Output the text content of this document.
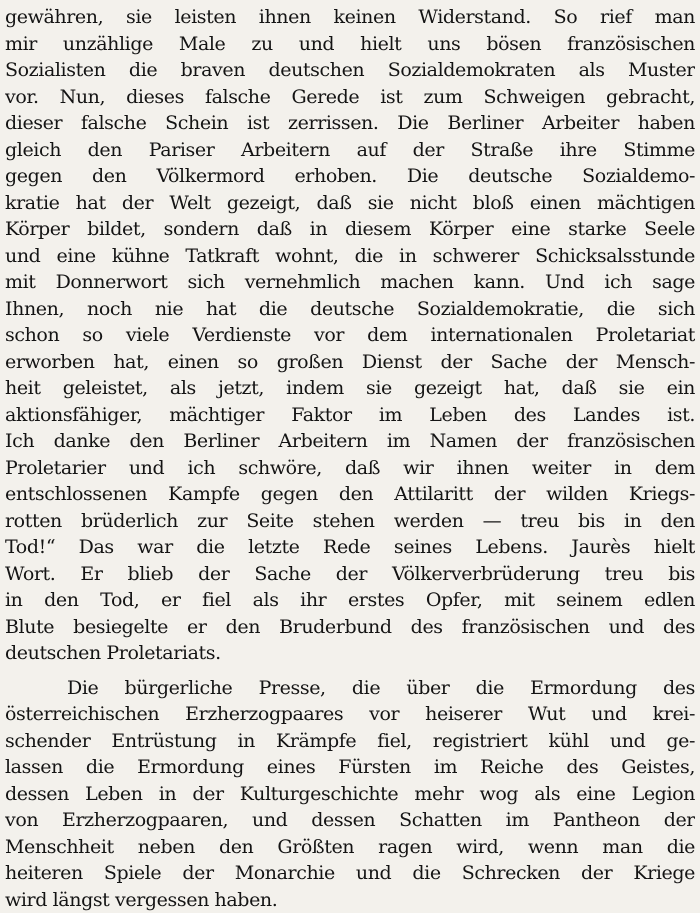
gewähren, sie leisten ihnen keinen Widerstand. So rief man
mir unzählige Male zu und hielt uns bösen französischen
Sozialisten die braven deutschen Sozialdemokraten als Muster
vor. Nun, dieses falsche Gerede ist zum Schweigen gebracht,
dieser falsche Schein ist zerrissen. Die Berliner Arbeiter haben
gleich den Pariser Arbeitern auf der Straße ihre Stimme
gegen den Völkermord erhoben. Die deutsche Sozialdemo-
kratie hat der Welt gezeigt, daß sie nicht bloß einen mächtigen
Körper bildet, sondern daß in diesem Körper eine starke Seele
und eine kühne Tatkraft wohnt, die in schwerer Schicksalsstunde
mit Donnerwort sich vernehmlich machen kann. Und ich sage
Ihnen, noch nie hat die deutsche Sozialdemokratie, die sich
schon so viele Verdienste vor dem internationalen Proletariat
erworben hat, einen so großen Dienst der Sache der Mensch-
heit geleistet, als jetzt, indem sie gezeigt hat, daß sie ein
aktionsfähiger, mächtiger Faktor im Leben des Landes ist.
Ich danke den Berliner Arbeitern im Namen der französischen
Proletarier und ich schwöre, daß wir ihnen weiter in dem
entschlossenen Kampfe gegen den Attilaritt der wilden Kriegs-
rotten brüderlich zur Seite stehen werden — treu bis in den
Tod!“ Das war die letzte Rede seines Lebens. Jaurès hielt
Wort. Er blieb der Sache der Völkerverbrüderung treu bis
in den Tod, er fiel als ihr erstes Opfer, mit seinem edlen
Blute besiegelte er den Bruderbund des französischen und des
deutschen Proletariats.
Die bürgerliche Presse, die über die Ermordung des
österreichischen Erzherzogpaares vor heiserer Wut und krei-
schender Entrüstung in Krämpfe fiel, registriert kühl und ge-
lassen die Ermordung eines Fürsten im Reiche des Geistes,
dessen Leben in der Kulturgeschichte mehr wog als eine Legion
von Erzherzogpaaren, und dessen Schatten im Pantheon der
Menschheit neben den Größten ragen wird, wenn man die
heiteren Spiele der Monarchie und die Schrecken der Kriege
wird längst vergessen haben.
